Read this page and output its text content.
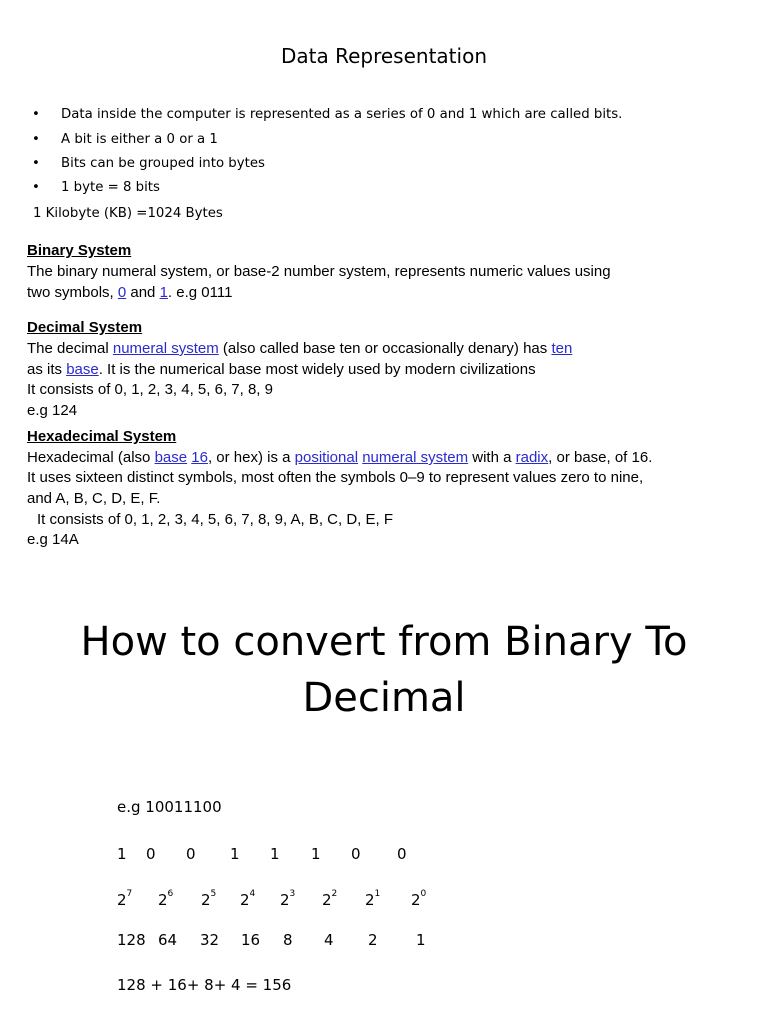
Data Representation
• Data inside the computer is represented as a series of 0 and 1 which are called bits.
• A bit is either a 0 or a 1
• Bits can be grouped into bytes
• 1 byte = 8 bits
1 Kilobyte (KB) =1024 Bytes
Binary System
The binary numeral system, or base-2 number system, represents numeric values using
two symbols, 0 and 1. e.g 0111
Decimal System
The decimal numeral system (also called base ten or occasionally denary) has ten
as its base. It is the numerical base most widely used by modern civilizations
It consists of 0, 1, 2, 3, 4, 5, 6, 7, 8, 9
e.g 124
Hexadecimal System
Hexadecimal (also base 16, or hex) is a positional numeral system with a radix, or base, of 16.
It uses sixteen distinct symbols, most often the symbols 0–9 to represent values zero to nine,
and A, B, C, D, E, F.
It consists of 0, 1, 2, 3, 4, 5, 6, 7, 8, 9, A, B, C, D, E, F
e.g 14A
How to convert from Binary To
Decimal
e.g 10011100
1 0 0 1 1 1 0 0
$2^7$ $2^6$ $2^5$ $2^4$ $2^3$ $2^2$ $2^1$ $2^0$
128 64 32 16 8 4 2	1
128 + 16+ 8+ 4 = 156
